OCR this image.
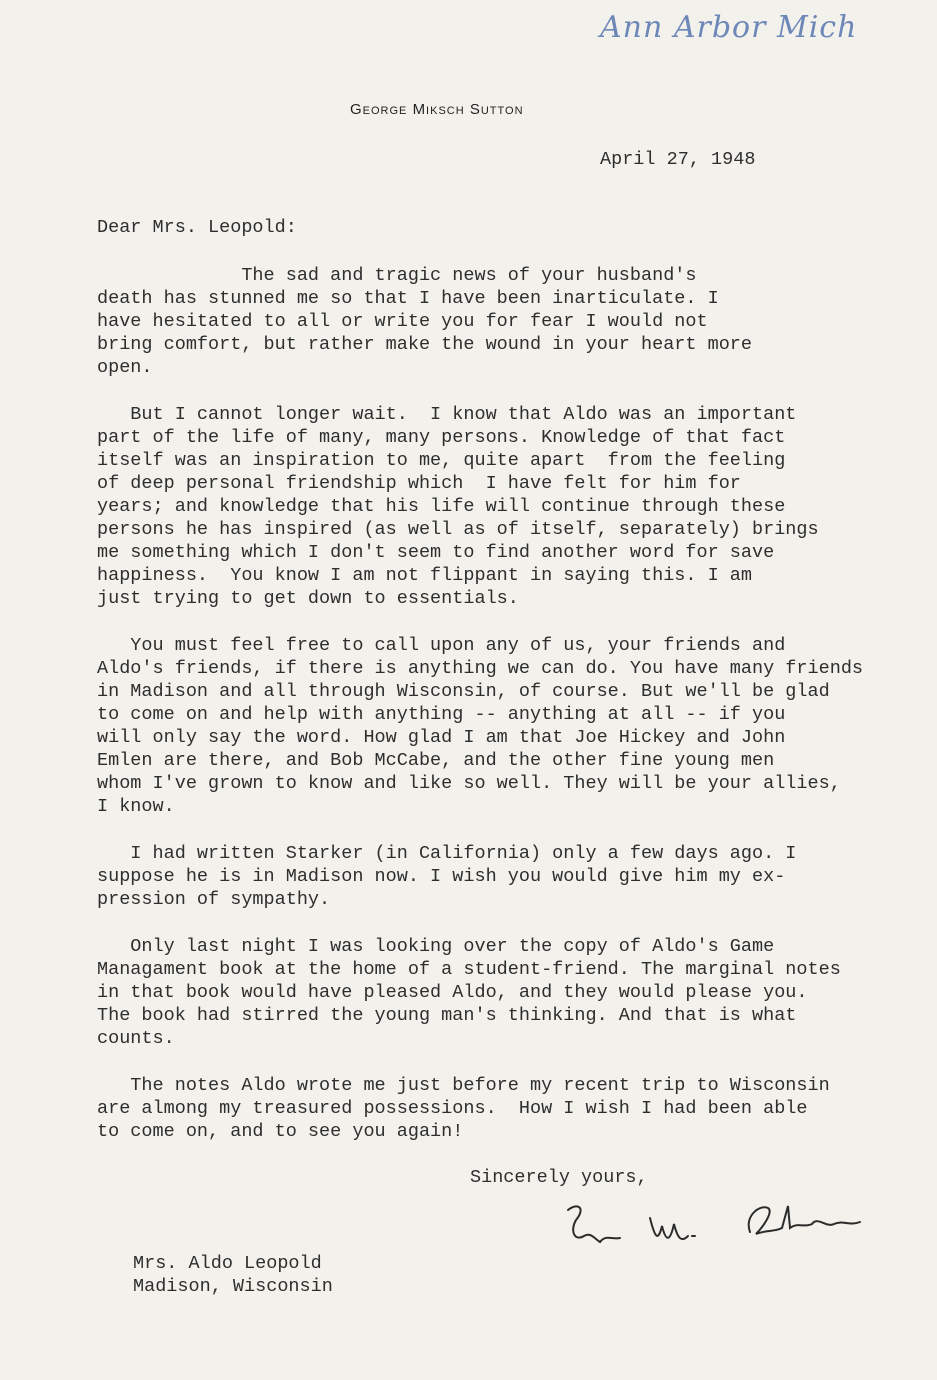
Ann Arbor Mich
George Miksch Sutton
April 27, 1948
Dear Mrs. Leopold:
The sad and tragic news of your husband's
death has stunned me so that I have been inarticulate. I
have hesitated to all or write you for fear I would not
bring comfort, but rather make the wound in your heart more
open.
But I cannot longer wait.  I know that Aldo was an important
part of the life of many, many persons. Knowledge of that fact
itself was an inspiration to me, quite apart  from the feeling
of deep personal friendship which  I have felt for him for
years; and knowledge that his life will continue through these
persons he has inspired (as well as of itself, separately) brings
me something which I don't seem to find another word for save
happiness.  You know I am not flippant in saying this. I am
just trying to get down to essentials.
You must feel free to call upon any of us, your friends and
Aldo's friends, if there is anything we can do. You have many friends
in Madison and all through Wisconsin, of course. But we'll be glad
to come on and help with anything -- anything at all -- if you
will only say the word. How glad I am that Joe Hickey and John
Emlen are there, and Bob McCabe, and the other fine young men
whom I've grown to know and like so well. They will be your allies,
I know.
I had written Starker (in California) only a few days ago. I
suppose he is in Madison now. I wish you would give him my ex-
pression of sympathy.
Only last night I was looking over the copy of Aldo's Game
Managament book at the home of a student-friend. The marginal notes
in that book would have pleased Aldo, and they would please you.
The book had stirred the young man's thinking. And that is what
counts.
The notes Aldo wrote me just before my recent trip to Wisconsin
are almong my treasured possessions.  How I wish I had been able
to come on, and to see you again!
Sincerely yours,
Mrs. Aldo Leopold
Madison, Wisconsin
